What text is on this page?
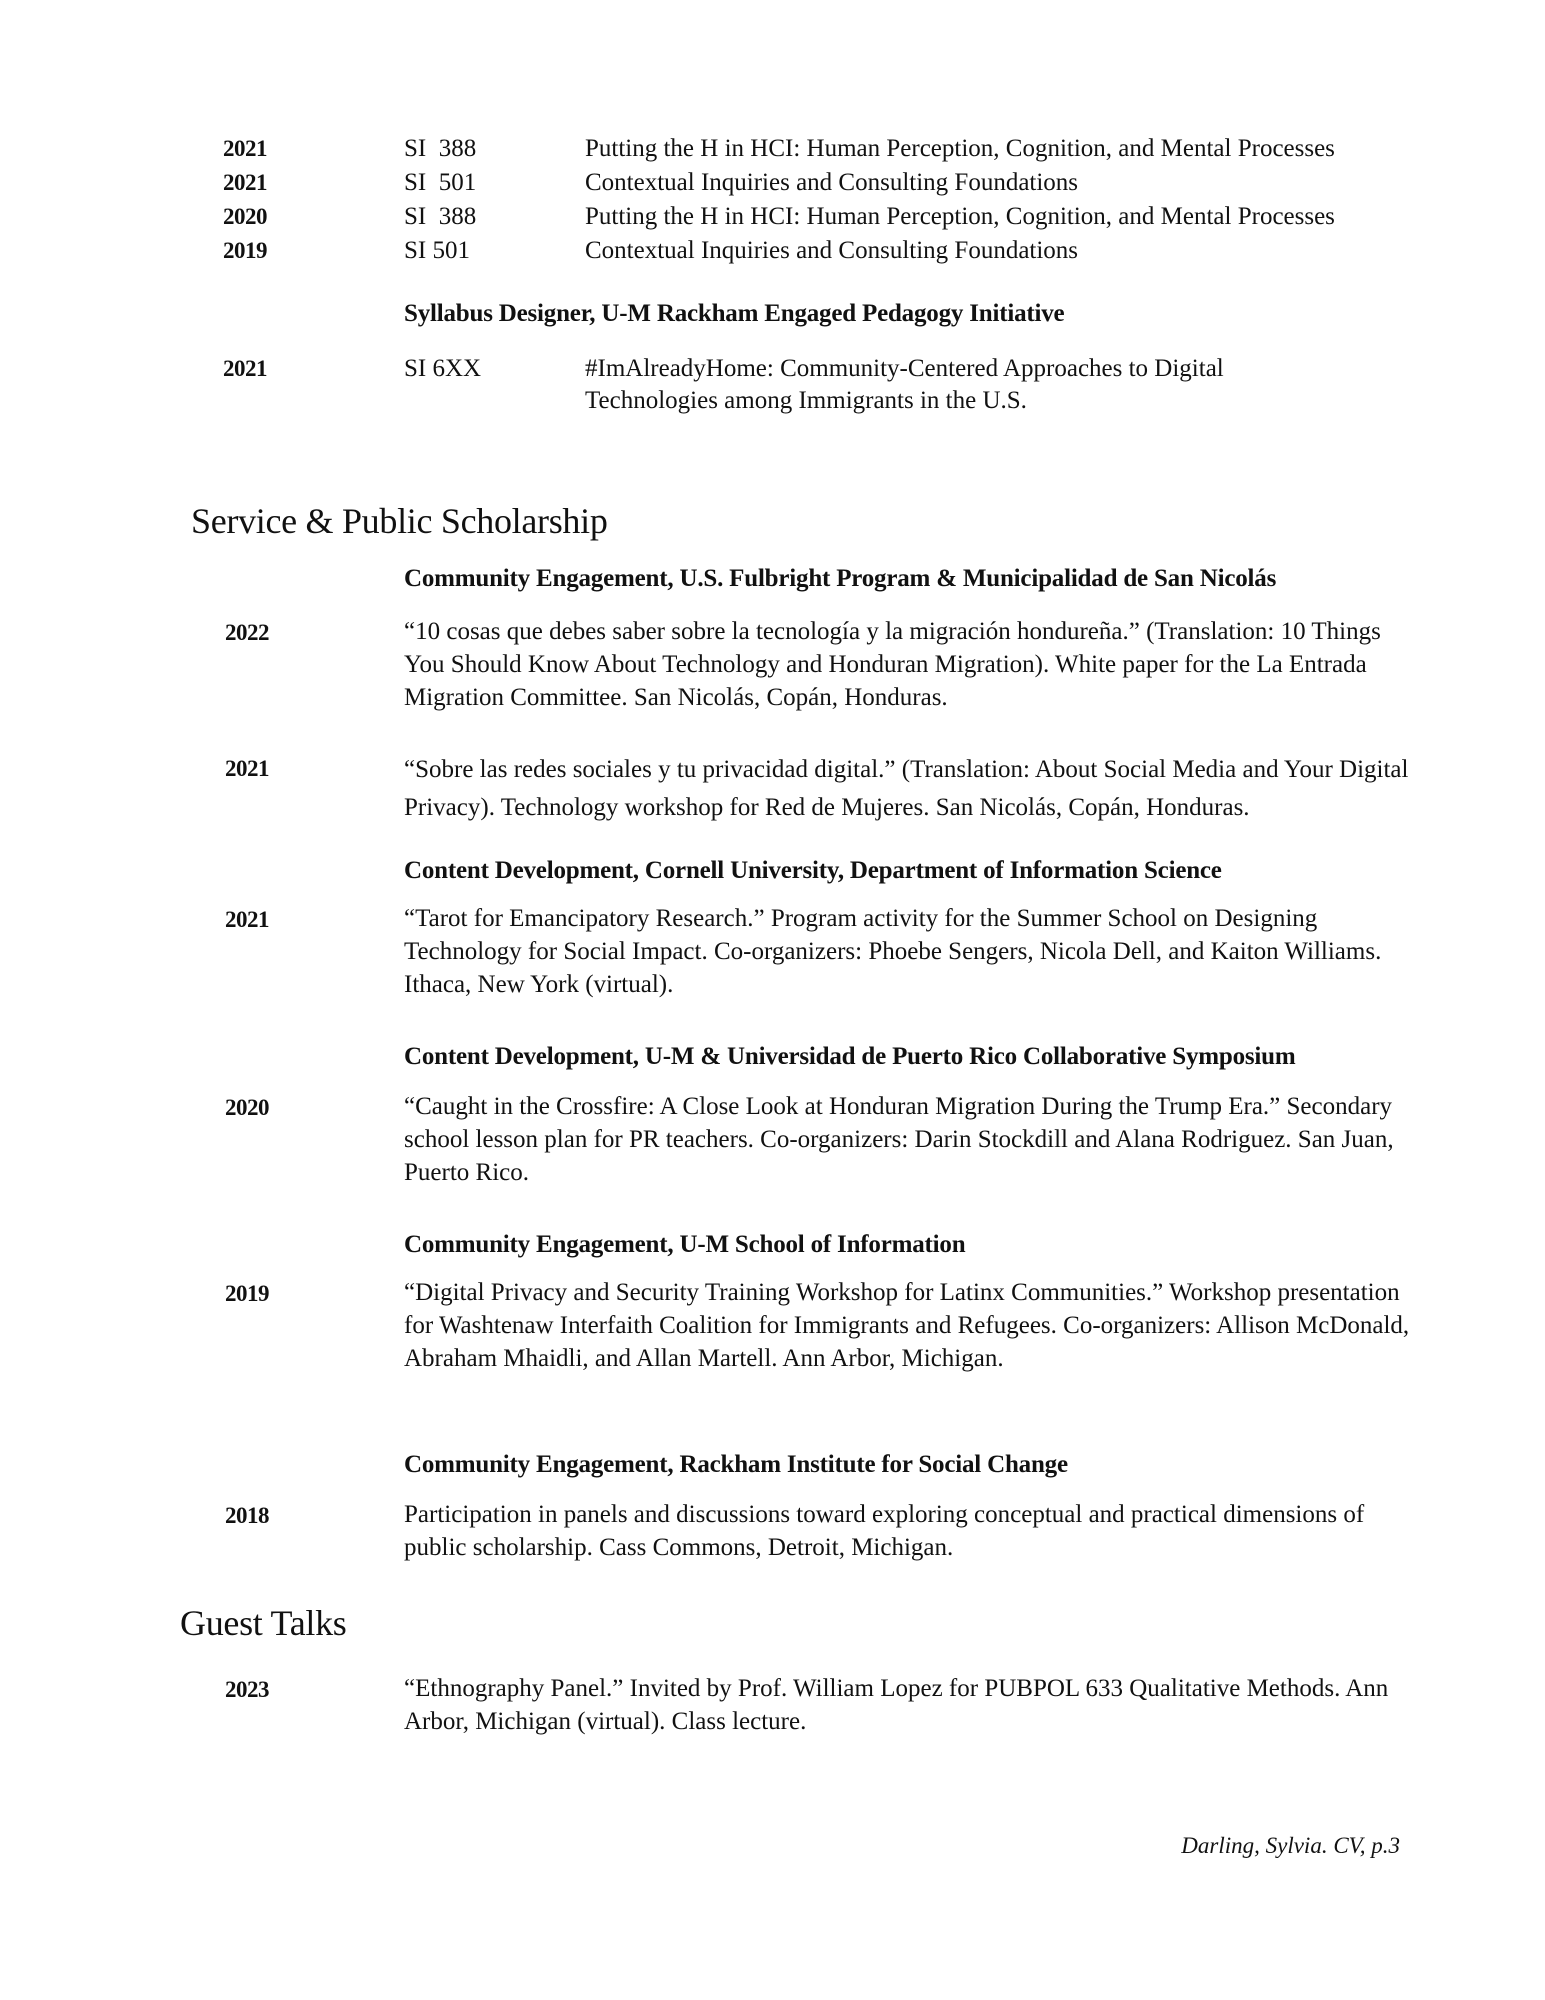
2021	SI  388	Putting the H in HCI: Human Perception, Cognition, and Mental Processes
2021	SI  501	Contextual Inquiries and Consulting Foundations
2020	SI  388	Putting the H in HCI: Human Perception, Cognition, and Mental Processes
2019	SI 501	Contextual Inquiries and Consulting Foundations
Syllabus Designer, U-M Rackham Engaged Pedagogy Initiative
2021	SI 6XX	#ImAlreadyHome: Community-Centered Approaches to Digital
Technologies among Immigrants in the U.S.
Service & Public Scholarship
Community Engagement, U.S. Fulbright Program & Municipalidad de San Nicolás
2022	“10 cosas que debes saber sobre la tecnología y la migración hondureña.” (Translation: 10 Things You Should Know About Technology and Honduran Migration). White paper for the La Entrada Migration Committee. San Nicolás, Copán, Honduras.
2021	“Sobre las redes sociales y tu privacidad digital.” (Translation: About Social Media and Your Digital Privacy). Technology workshop for Red de Mujeres. San Nicolás, Copán, Honduras.
Content Development, Cornell University, Department of Information Science
2021	“Tarot for Emancipatory Research.” Program activity for the Summer School on Designing Technology for Social Impact. Co-organizers: Phoebe Sengers, Nicola Dell, and Kaiton Williams. Ithaca, New York (virtual).
Content Development, U-M & Universidad de Puerto Rico Collaborative Symposium
2020	“Caught in the Crossfire: A Close Look at Honduran Migration During the Trump Era.” Secondary school lesson plan for PR teachers. Co-organizers: Darin Stockdill and Alana Rodriguez. San Juan, Puerto Rico.
Community Engagement, U-M School of Information
2019	“Digital Privacy and Security Training Workshop for Latinx Communities.” Workshop presentation for Washtenaw Interfaith Coalition for Immigrants and Refugees. Co-organizers: Allison McDonald, Abraham Mhaidli, and Allan Martell. Ann Arbor, Michigan.
Community Engagement, Rackham Institute for Social Change
2018	Participation in panels and discussions toward exploring conceptual and practical dimensions of public scholarship. Cass Commons, Detroit, Michigan.
Guest Talks
2023	“Ethnography Panel.” Invited by Prof. William Lopez for PUBPOL 633 Qualitative Methods. Ann Arbor, Michigan (virtual). Class lecture.
Darling, Sylvia. CV, p.3
